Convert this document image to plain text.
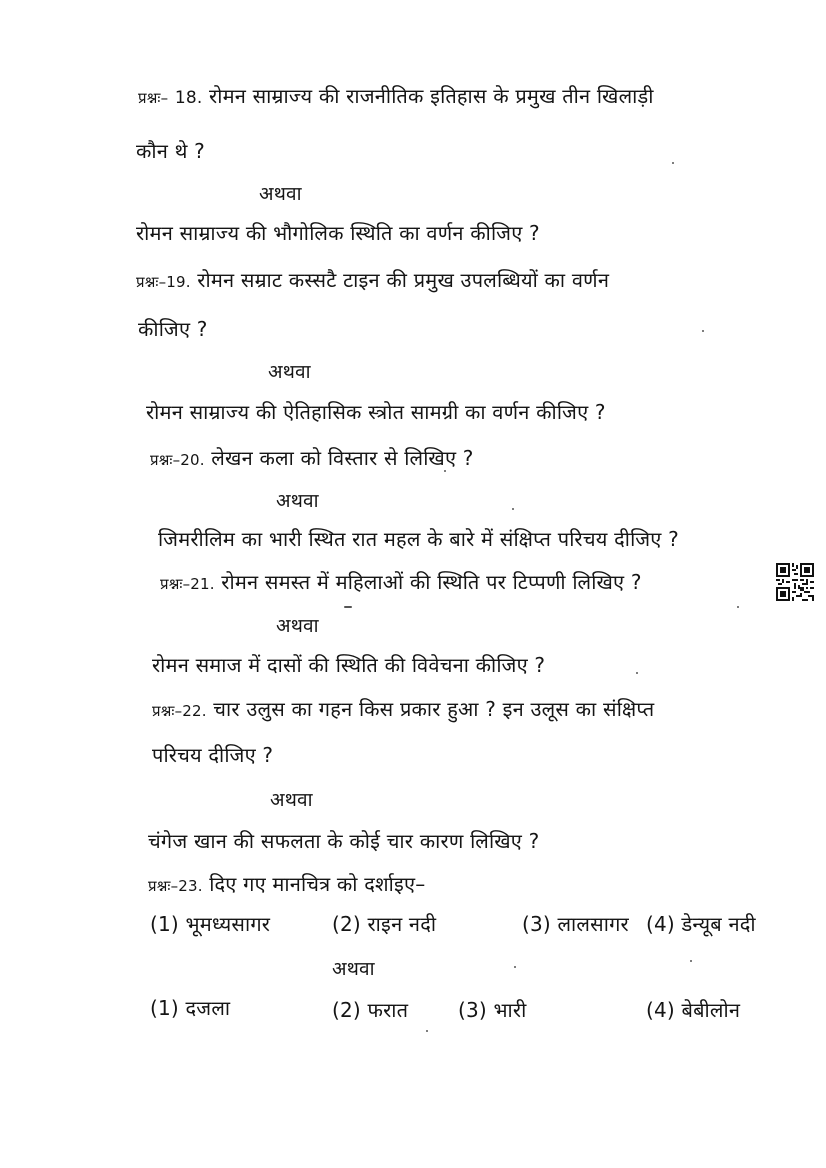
प्रश्नः– 18. रोमन साम्राज्य की राजनीतिक इतिहास के प्रमुख तीन खिलाड़ी
कौन थे ?
अथवा
रोमन साम्राज्य की भौगोलिक स्थिति का वर्णन कीजिए ?
प्रश्नः–19. रोमन सम्राट कस्सटै टाइन की प्रमुख उपलब्धियों का वर्णन
कीजिए ?
अथवा
रोमन साम्राज्य की ऐतिहासिक स्त्रोत सामग्री का वर्णन कीजिए ?
प्रश्नः–20. लेखन कला को विस्तार से लिखिए ?
अथवा
जिमरीलिम का भारी स्थित रात महल के बारे में संक्षिप्त परिचय दीजिए ?
प्रश्नः–21. रोमन समस्त में महिलाओं की स्थिति पर टिप्पणी लिखिए ?
अथवा
रोमन समाज में दासों की स्थिति की विवेचना कीजिए ?
प्रश्नः–22. चार उलुस का गहन किस प्रकार हुआ ? इन उलूस का संक्षिप्त
परिचय दीजिए ?
अथवा
चंगेज खान की सफलता के कोई चार कारण लिखिए ?
प्रश्नः–23. दिए गए मानचित्र को दर्शाइए–
(1) भूमध्यसागर	(2) राइन नदी	(3) लालसागर (4) डेन्यूब नदी
अथवा
(1) दजला	(2) फरात (3) भारी	(4) बेबीलोन
